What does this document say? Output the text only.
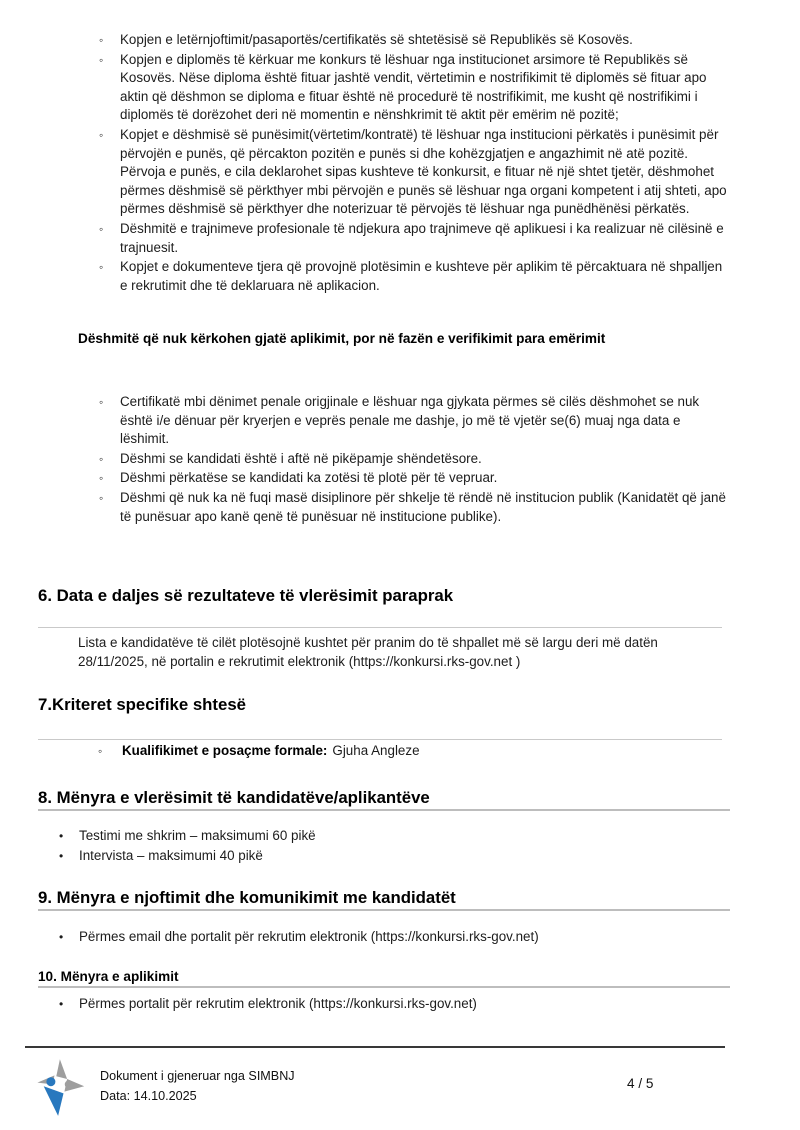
◦ Kopjen e letërnjoftimit/pasaportës/certifikatës së shtetësisë së Republikës së Kosovës.
◦ Kopjen e diplomës të kërkuar me konkurs të lëshuar nga institucionet arsimore të Republikës së Kosovës. Nëse diploma është fituar jashtë vendit, vërtetimin e nostrifikimit të diplomës së fituar apo aktin që dëshmon se diploma e fituar është në procedurë të nostrifikimit, me kusht që nostrifikimi i diplomës të dorëzohet deri në momentin e nënshkrimit të aktit për emërim në pozitë;
◦ Kopjet e dëshmisë së punësimit(vërtetim/kontratë) të lëshuar nga institucioni përkatës i punësimit për përvojën e punës, që përcakton pozitën e punës si dhe kohëzgjatjen e angazhimit në atë pozitë. Përvoja e punës, e cila deklarohet sipas kushteve të konkursit, e fituar në një shtet tjetër, dëshmohet përmes dëshmisë së përkthyer mbi përvojën e punës së lëshuar nga organi kompetent i atij shteti, apo përmes dëshmisë së përkthyer dhe noterizuar të përvojës të lëshuar nga punëdhënësi përkatës.
◦ Dëshmitë e trajnimeve profesionale të ndjekura apo trajnimeve që aplikuesi i ka realizuar në cilësinë e trajnuesit.
◦ Kopjet e dokumenteve tjera që provojnë plotësimin e kushteve për aplikim të përcaktuara në shpalljen e rekrutimit dhe të deklaruara në aplikacion.

Dëshmitë që nuk kërkohen gjatë aplikimit, por në fazën e verifikimit para emërimit

◦ Certifikatë mbi dënimet penale origjinale e lëshuar nga gjykata përmes së cilës dëshmohet se nuk është i/e dënuar për kryerjen e veprës penale me dashje, jo më të vjetër se(6) muaj nga data e lëshimit.
◦ Dëshmi se kandidati është i aftë në pikëpamje shëndetësore.
◦ Dëshmi përkatëse se kandidati ka zotësi të plotë për të vepruar.
◦ Dëshmi që nuk ka në fuqi masë disiplinore për shkelje të rëndë në institucion publik (Kanidatët që janë të punësuar apo kanë qenë të punësuar në institucione publike).
6. Data e daljes së rezultateve të vlerësimit paraprak

Lista e kandidatëve të cilët plotësojnë kushtet për pranim do të shpallet më së largu deri më datën 28/11/2025, në portalin e rekrutimit elektronik (https://konkursi.rks-gov.net )

7.Kriteret specifike shtesë
◦ Kualifikimet e posaçme formale: Gjuha Angleze
8. Mënyra e vlerësimit të kandidatëve/aplikantëve
• Testimi me shkrim – maksimumi 60 pikë
• Intervista – maksimumi 40 pikë
9. Mënyra e njoftimit dhe komunikimit me kandidatët
• Përmes email dhe portalit për rekrutim elektronik (https://konkursi.rks-gov.net)
10. Mënyra e aplikimit
• Përmes portalit për rekrutim elektronik (https://konkursi.rks-gov.net)
Dokument i gjeneruar nga SIMBNJ
Data: 14.10.2025
4 / 5
